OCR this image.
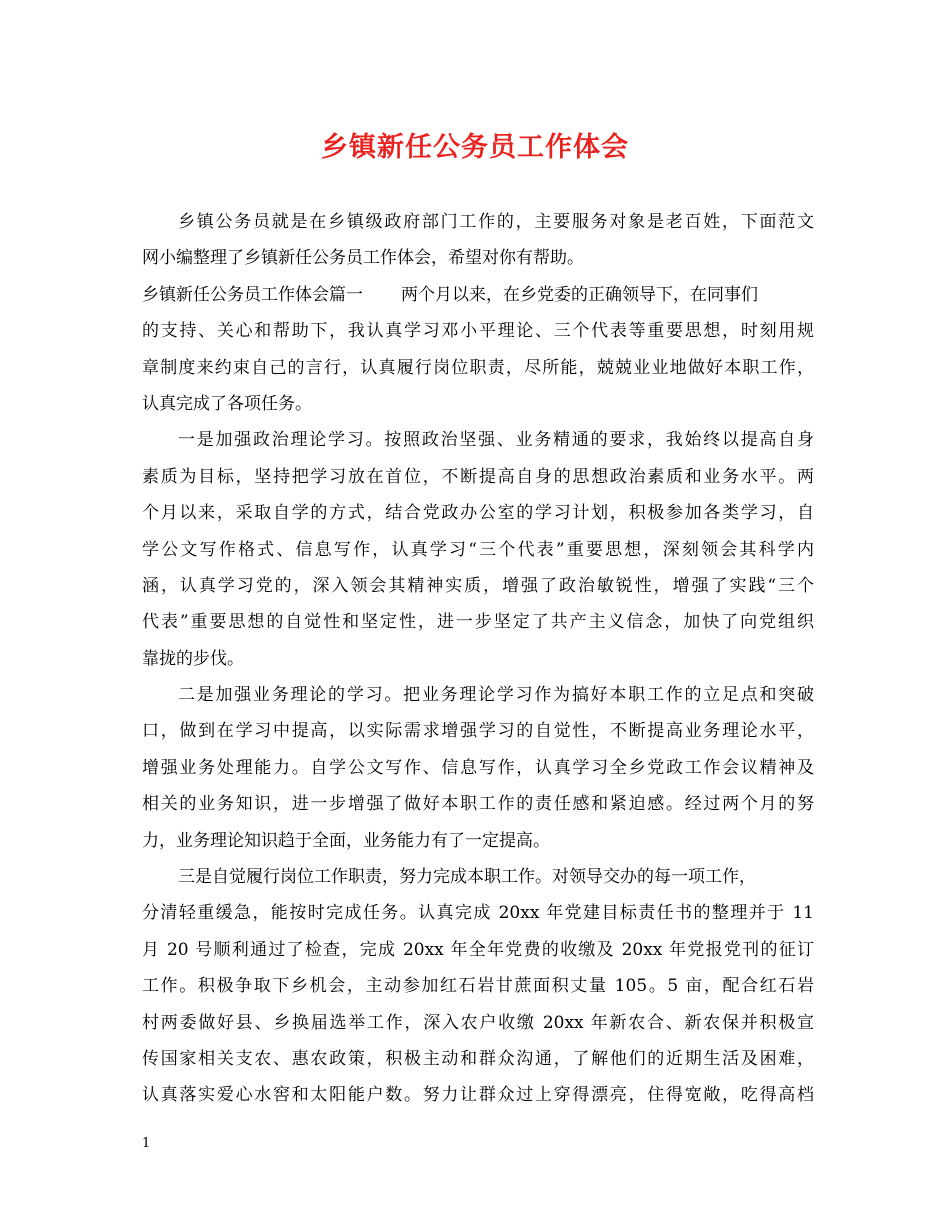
乡镇新任公务员工作体会
乡镇公务员就是在乡镇级政府部门工作的，主要服务对象是老百姓，下面范文
网小编整理了乡镇新任公务员工作体会，希望对你有帮助。
乡镇新任公务员工作体会篇一 两个月以来，在乡党委的正确领导下，在同事们
的支持、关心和帮助下，我认真学习邓小平理论、三个代表等重要思想，时刻用规
章制度来约束自己的言行，认真履行岗位职责，尽所能，兢兢业业地做好本职工作，
认真完成了各项任务。
一是加强政治理论学习。按照政治坚强、业务精通的要求，我始终以提高自身
素质为目标，坚持把学习放在首位，不断提高自身的思想政治素质和业务水平。两
个月以来，采取自学的方式，结合党政办公室的学习计划，积极参加各类学习，自
学公文写作格式、信息写作，认真学习“三个代表”重要思想，深刻领会其科学内
涵，认真学习党的，深入领会其精神实质，增强了政治敏锐性，增强了实践“三个
代表”重要思想的自觉性和坚定性，进一步坚定了共产主义信念，加快了向党组织
靠拢的步伐。
二是加强业务理论的学习。把业务理论学习作为搞好本职工作的立足点和突破
口，做到在学习中提高，以实际需求增强学习的自觉性，不断提高业务理论水平，
增强业务处理能力。自学公文写作、信息写作，认真学习全乡党政工作会议精神及
相关的业务知识，进一步增强了做好本职工作的责任感和紧迫感。经过两个月的努
力，业务理论知识趋于全面，业务能力有了一定提高。
三是自觉履行岗位工作职责，努力完成本职工作。对领导交办的每一项工作，
分清轻重缓急，能按时完成任务。认真完成 20xx 年党建目标责任书的整理并于 11
月 20 号顺利通过了检查，完成 20xx 年全年党费的收缴及 20xx 年党报党刊的征订
工作。积极争取下乡机会，主动参加红石岩甘蔗面积丈量 105。5 亩，配合红石岩
村两委做好县、乡换届选举工作，深入农户收缴 20xx 年新农合、新农保并积极宣
传国家相关支农、惠农政策，积极主动和群众沟通，了解他们的近期生活及困难，
认真落实爱心水窖和太阳能户数。努力让群众过上穿得漂亮，住得宽敞，吃得高档
1
